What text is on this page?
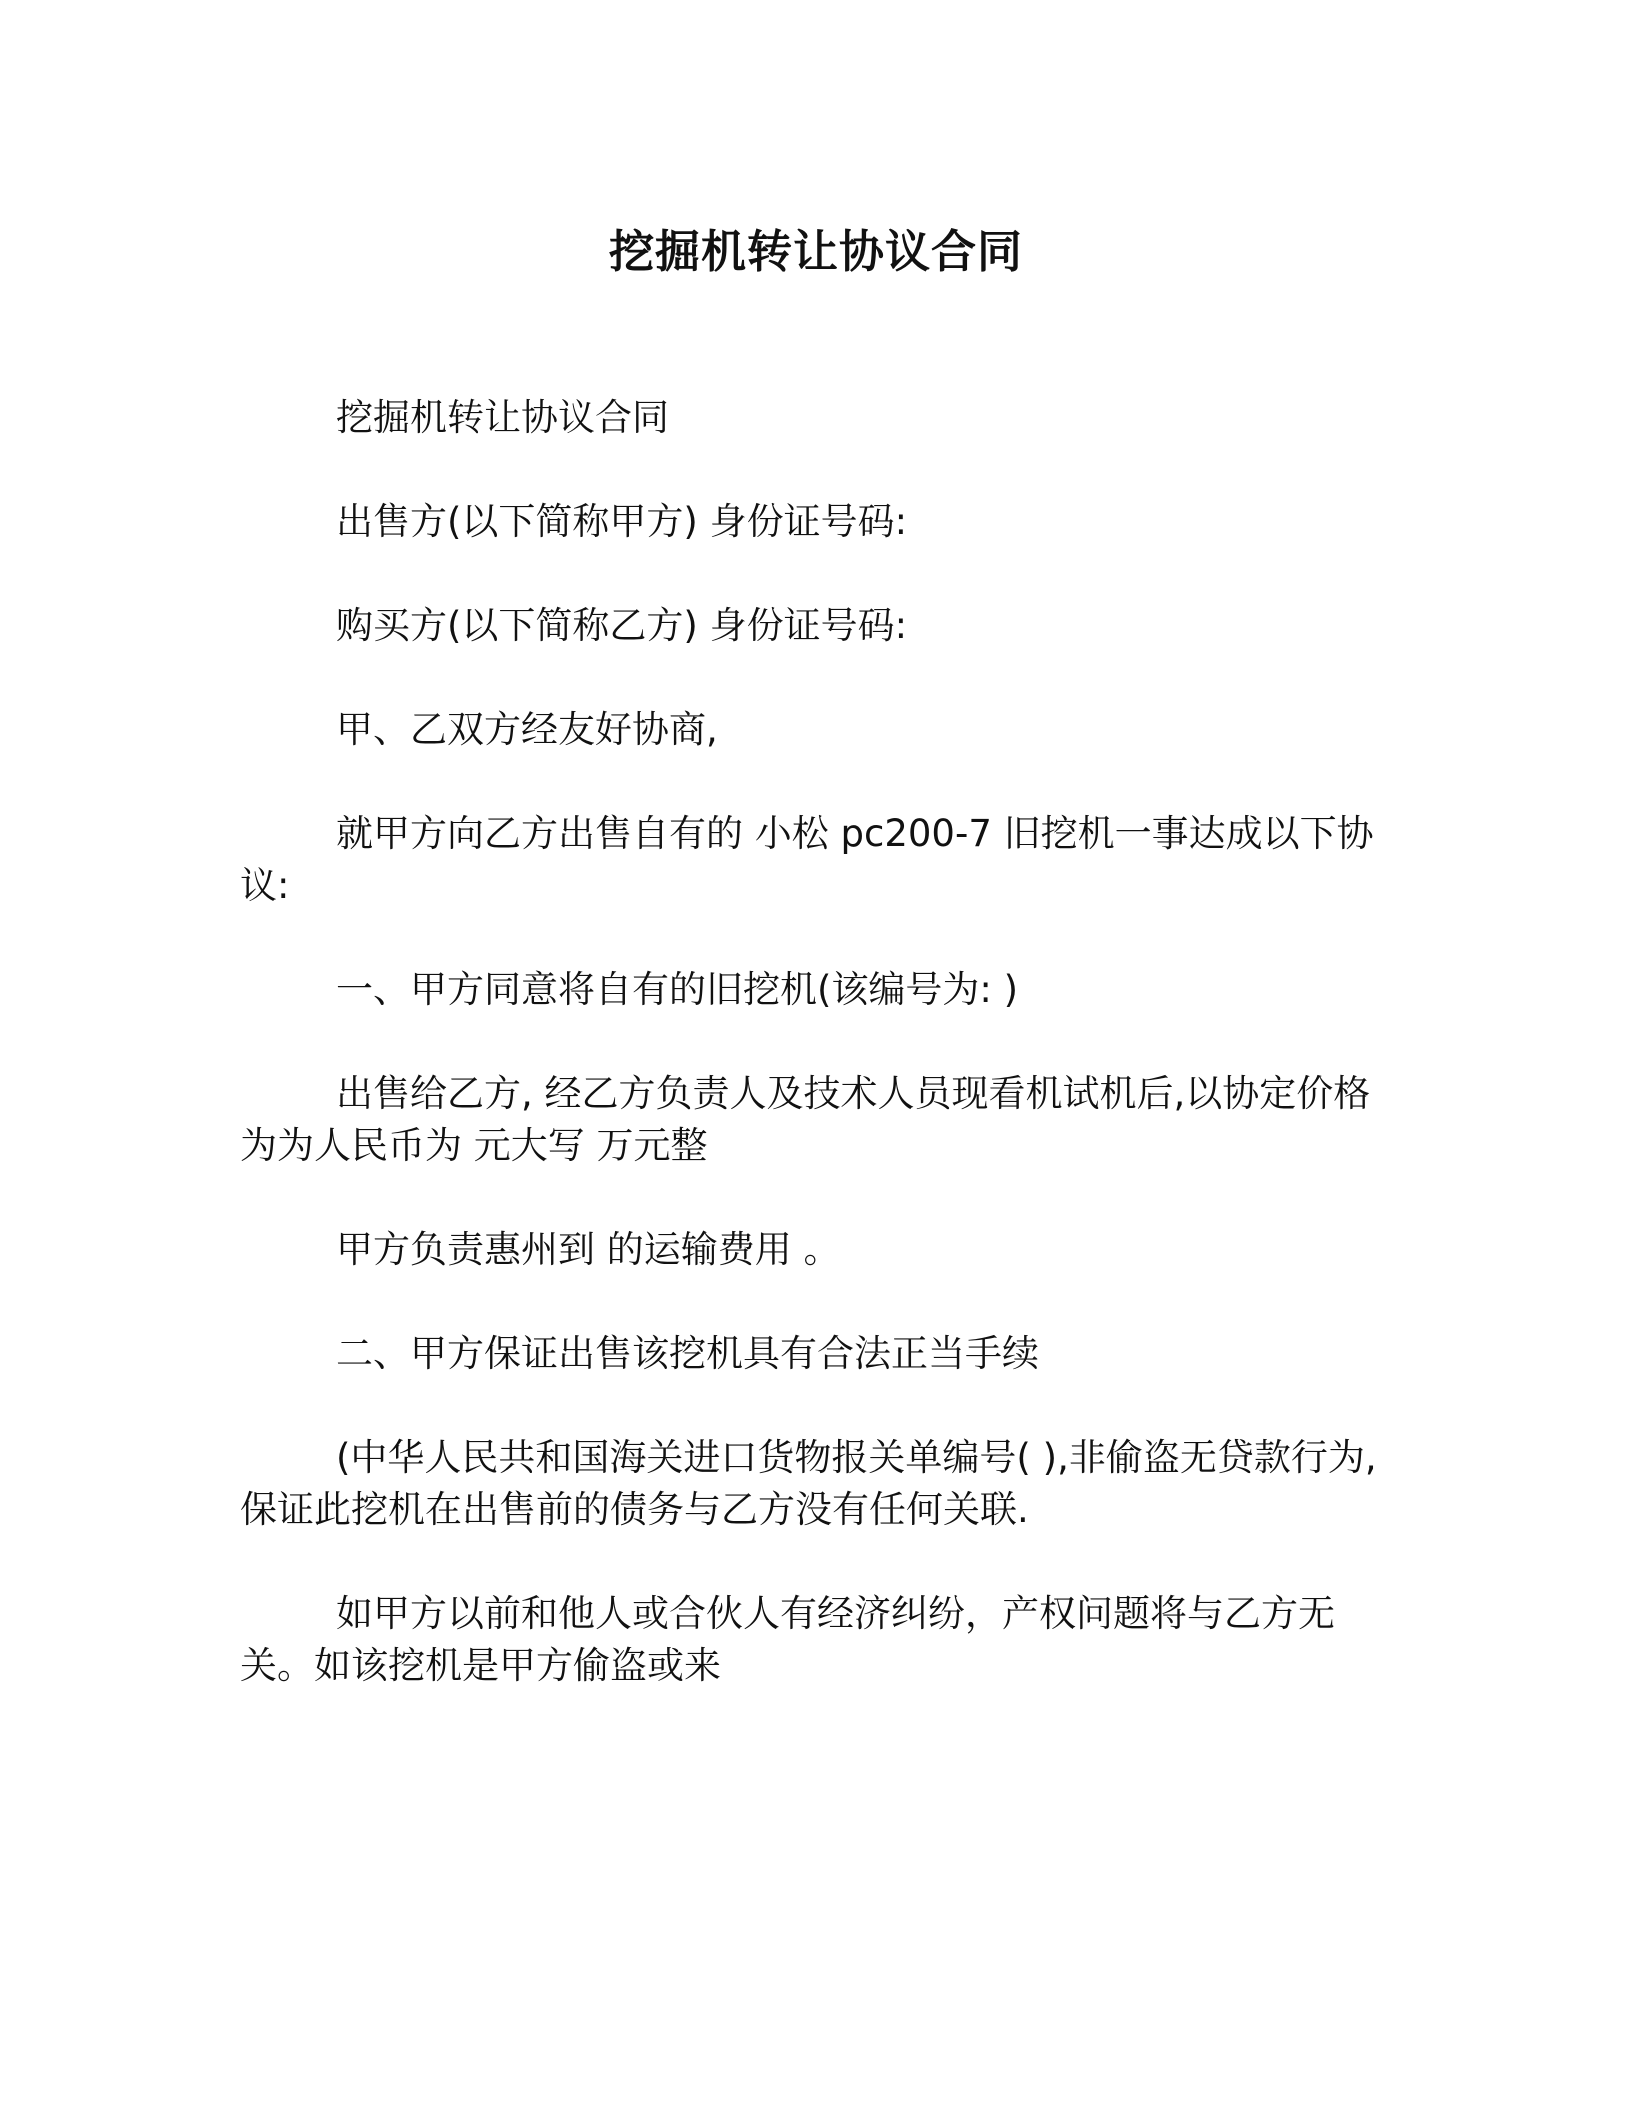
挖掘机转让协议合同

挖掘机转让协议合同

出售方(以下简称甲方) 身份证号码:

购买方(以下简称乙方) 身份证号码:

甲、乙双方经友好协商,

就甲方向乙方出售自有的 小松 pc200-7 旧挖机一事达成以下协议:

一、甲方同意将自有的旧挖机(该编号为: )

出售给乙方, 经乙方负责人及技术人员现看机试机后,以协定价格为为人民币为 元大写 万元整

甲方负责惠州到 的运输费用 。

二、甲方保证出售该挖机具有合法正当手续

(中华人民共和国海关进口货物报关单编号( ),非偷盗无贷款行为,保证此挖机在出售前的债务与乙方没有任何关联.

如甲方以前和他人或合伙人有经济纠纷，产权问题将与乙方无关。如该挖机是甲方偷盗或来
